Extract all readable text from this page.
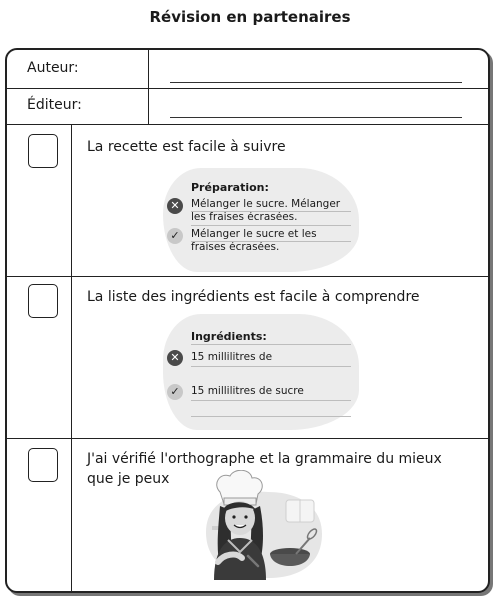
Révision en partenaires
Auteur:
Éditeur:
La recette est facile à suivre
Préparation:
✕	Mélanger le sucre. Mélanger les fraises écrasées.
✓	Mélanger le sucre et les fraises écrasées.
La liste des ingrédients est facile à comprendre
Ingrédients:
✕	15 millilitres de
✓	15 millilitres de sucre
J'ai vérifié l'orthographe et la grammaire du mieux que je peux
